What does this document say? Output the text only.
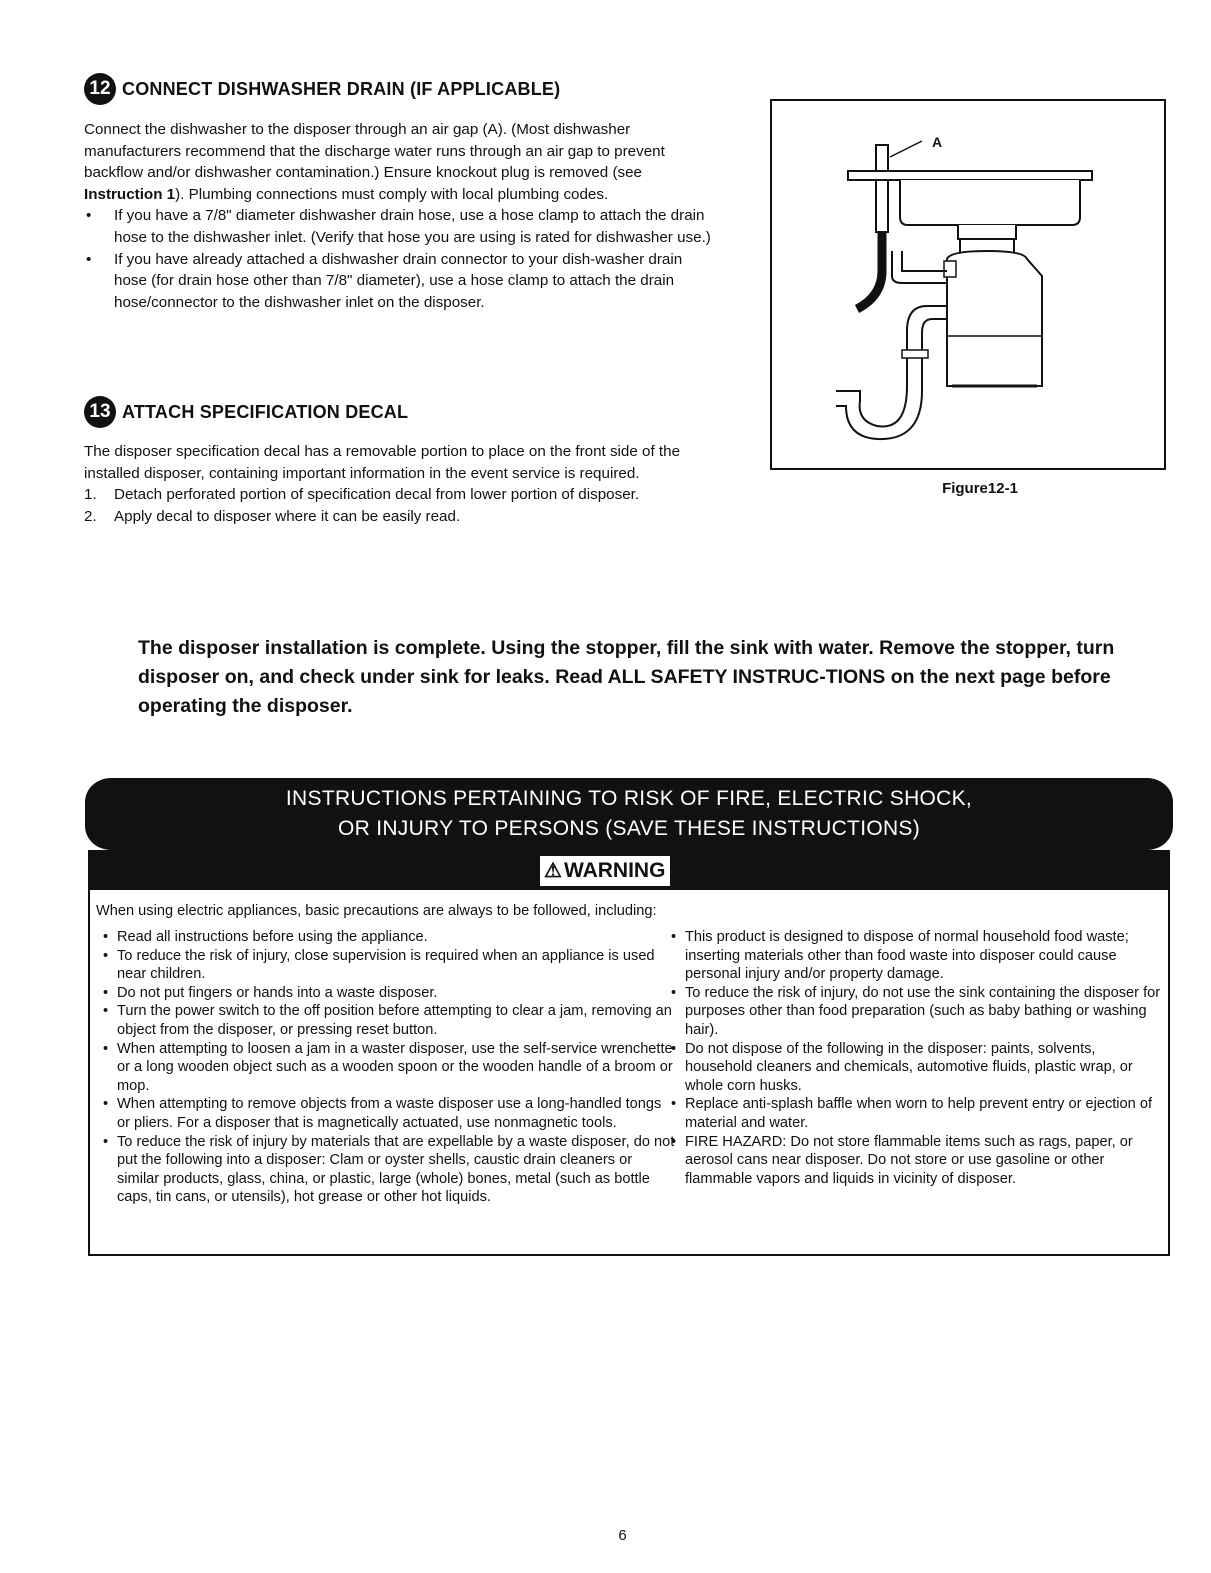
12 CONNECT DISHWASHER DRAIN (IF APPLICABLE)

Connect the dishwasher to the disposer through an air gap (A). (Most dishwasher manufacturers recommend that the discharge water runs through an air gap to prevent backflow and/or dishwasher contamination.) Ensure knockout plug is removed (see Instruction 1). Plumbing connections must comply with local plumbing codes.

• If you have a 7/8" diameter dishwasher drain hose, use a hose clamp to attach the drain hose to the dishwasher inlet. (Verify that hose you are using is rated for dishwasher use.)
• If you have already attached a dishwasher drain connector to your dish-washer drain hose (for drain hose other than 7/8" diameter), use a hose clamp to attach the drain hose/connector to the dishwasher inlet on the disposer.
13 ATTACH SPECIFICATION DECAL

The disposer specification decal has a removable portion to place on the front side of the installed disposer, containing important information in the event service is required.

1. Detach perforated portion of specification decal from lower portion of disposer.
2. Apply decal to disposer where it can be easily read.
A
Figure12-1
The disposer installation is complete. Using the stopper, fill the sink with water. Remove the stopper, turn disposer on, and check under sink for leaks. Read ALL SAFETY INSTRUC-TIONS on the next page before operating the disposer.
INSTRUCTIONS PERTAINING TO RISK OF FIRE, ELECTRIC SHOCK,
OR INJURY TO PERSONS (SAVE THESE INSTRUCTIONS)
⚠ WARNING
When using electric appliances, basic precautions are always to be followed, including:
• Read all instructions before using the appliance.
• To reduce the risk of injury, close supervision is required when an appliance is used near children.
• Do not put fingers or hands into a waste disposer.
• Turn the power switch to the off position before attempting to clear a jam, removing an object from the disposer, or pressing reset button.
• When attempting to loosen a jam in a waster disposer, use the self-service wrenchette or a long wooden object such as a wooden spoon or the wooden handle of a broom or mop.
• When attempting to remove objects from a waste disposer use a long-handled tongs or pliers. For a disposer that is magnetically actuated, use nonmagnetic tools.
• To reduce the risk of injury by materials that are expellable by a waste disposer, do not put the following into a disposer: Clam or oyster shells, caustic drain cleaners or similar products, glass, china, or plastic, large (whole) bones, metal (such as bottle caps, tin cans, or utensils), hot grease or other hot liquids.
• This product is designed to dispose of normal household food waste; inserting materials other than food waste into disposer could cause personal injury and/or property damage.
• To reduce the risk of injury, do not use the sink containing the disposer for purposes other than food preparation (such as baby bathing or washing hair).
• Do not dispose of the following in the disposer: paints, solvents, household cleaners and chemicals, automotive fluids, plastic wrap, or whole corn husks.
• Replace anti-splash baffle when worn to help prevent entry or ejection of material and water.
• FIRE HAZARD: Do not store flammable items such as rags, paper, or aerosol cans near disposer. Do not store or use gasoline or other flammable vapors and liquids in vicinity of disposer.
6
